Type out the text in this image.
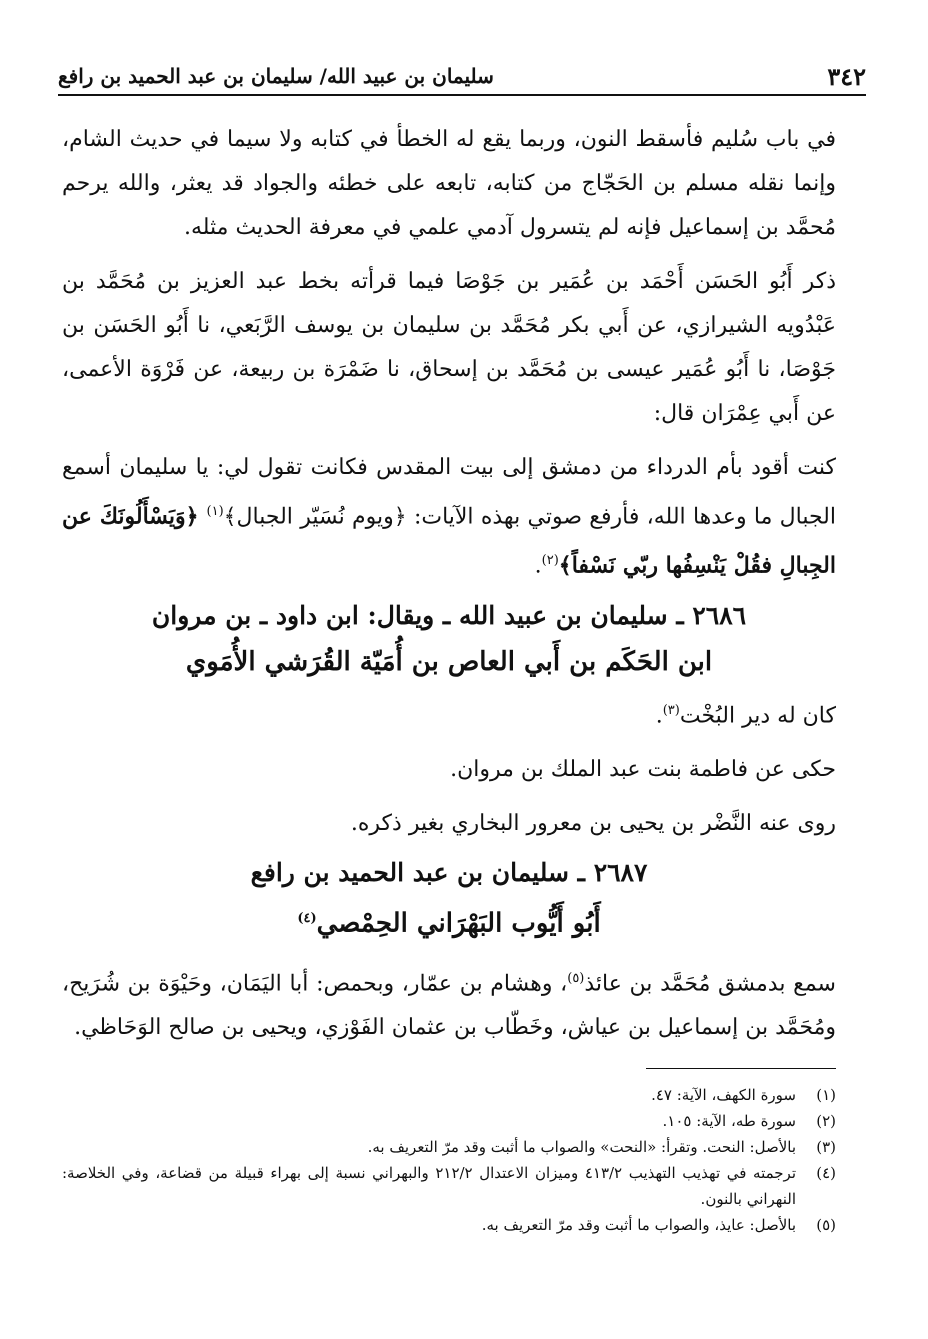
٣٤٢
سليمان بن عبيد الله/ سليمان بن عبد الحميد بن رافع

في باب سُليم فأسقط النون، وربما يقع له الخطأ في كتابه ولا سيما في حديث الشام، وإنما نقله مسلم بن الحَجّاج من كتابه، تابعه على خطئه والجواد قد يعثر، والله يرحم مُحمَّد بن إسماعيل فإنه لم يتسرول آدمي علمي في معرفة الحديث مثله.

ذكر أَبُو الحَسَن أَحْمَد بن عُمَير بن جَوْصَا فيما قرأته بخط عبد العزيز بن مُحَمَّد بن عَبْدُويه الشيرازي، عن أَبي بكر مُحَمَّد بن سليمان بن يوسف الرَّبَعي، نا أَبُو الحَسَن بن جَوْصَا، نا أَبُو عُمَير عيسى بن مُحَمَّد بن إسحاق، نا ضَمْرَة بن ربيعة، عن فَرْوَة الأعمى، عن أَبي عِمْرَان قال:

كنت أقود بأم الدرداء من دمشق إلى بيت المقدس فكانت تقول لي: يا سليمان أسمع الجبال ما وعدها الله، فأرفع صوتي بهذه الآيات: ﴿ويوم نُسَيّر الجبال﴾$^{(١)}$ ﴿وَيَسْأَلُونَكَ عن الجِبالِ فقُلْ يَنْسِفُها ربّي نَسْفاً﴾$^{(٢)}$.

٢٦٨٦ ـ سليمان بن عبيد الله ـ ويقال: ابن داود ـ بن مروان
ابن الحَكَم بن أَبي العاص بن أُمَيّة القُرَشي الأُمَوي

كان له دير البُخْت$^{(٣)}$.

حكى عن فاطمة بنت عبد الملك بن مروان.

روى عنه النَّضْر بن يحيى بن معرور البخاري بغير ذكره.

٢٦٨٧ ـ سليمان بن عبد الحميد بن رافع
أَبُو أَيُّوب البَهْرَاني الحِمْصي$^{(٤)}$

سمع بدمشق مُحَمَّد بن عائذ$^{(٥)}$، وهشام بن عمّار، وبحمص: أبا اليَمَان، وحَيْوَة بن شُرَيح، ومُحَمَّد بن إسماعيل بن عياش، وخَطّاب بن عثمان الفَوْزي، ويحيى بن صالح الوَحَاظي.

(١)
سورة الكهف، الآية: ٤٧.
(٢)
سورة طه، الآية: ١٠٥.
(٣)
بالأصل: النحت. وتقرأ: «النحت» والصواب ما أثبت وقد مرّ التعريف به.
(٤)
ترجمته في تهذيب التهذيب ٤١٣/٢ وميزان الاعتدال ٢١٢/٢ والبهراني نسبة إلى بهراء قبيلة من قضاعة، وفي الخلاصة: النهراني بالنون.
(٥)
بالأصل: عايذ، والصواب ما أثبت وقد مرّ التعريف به.
